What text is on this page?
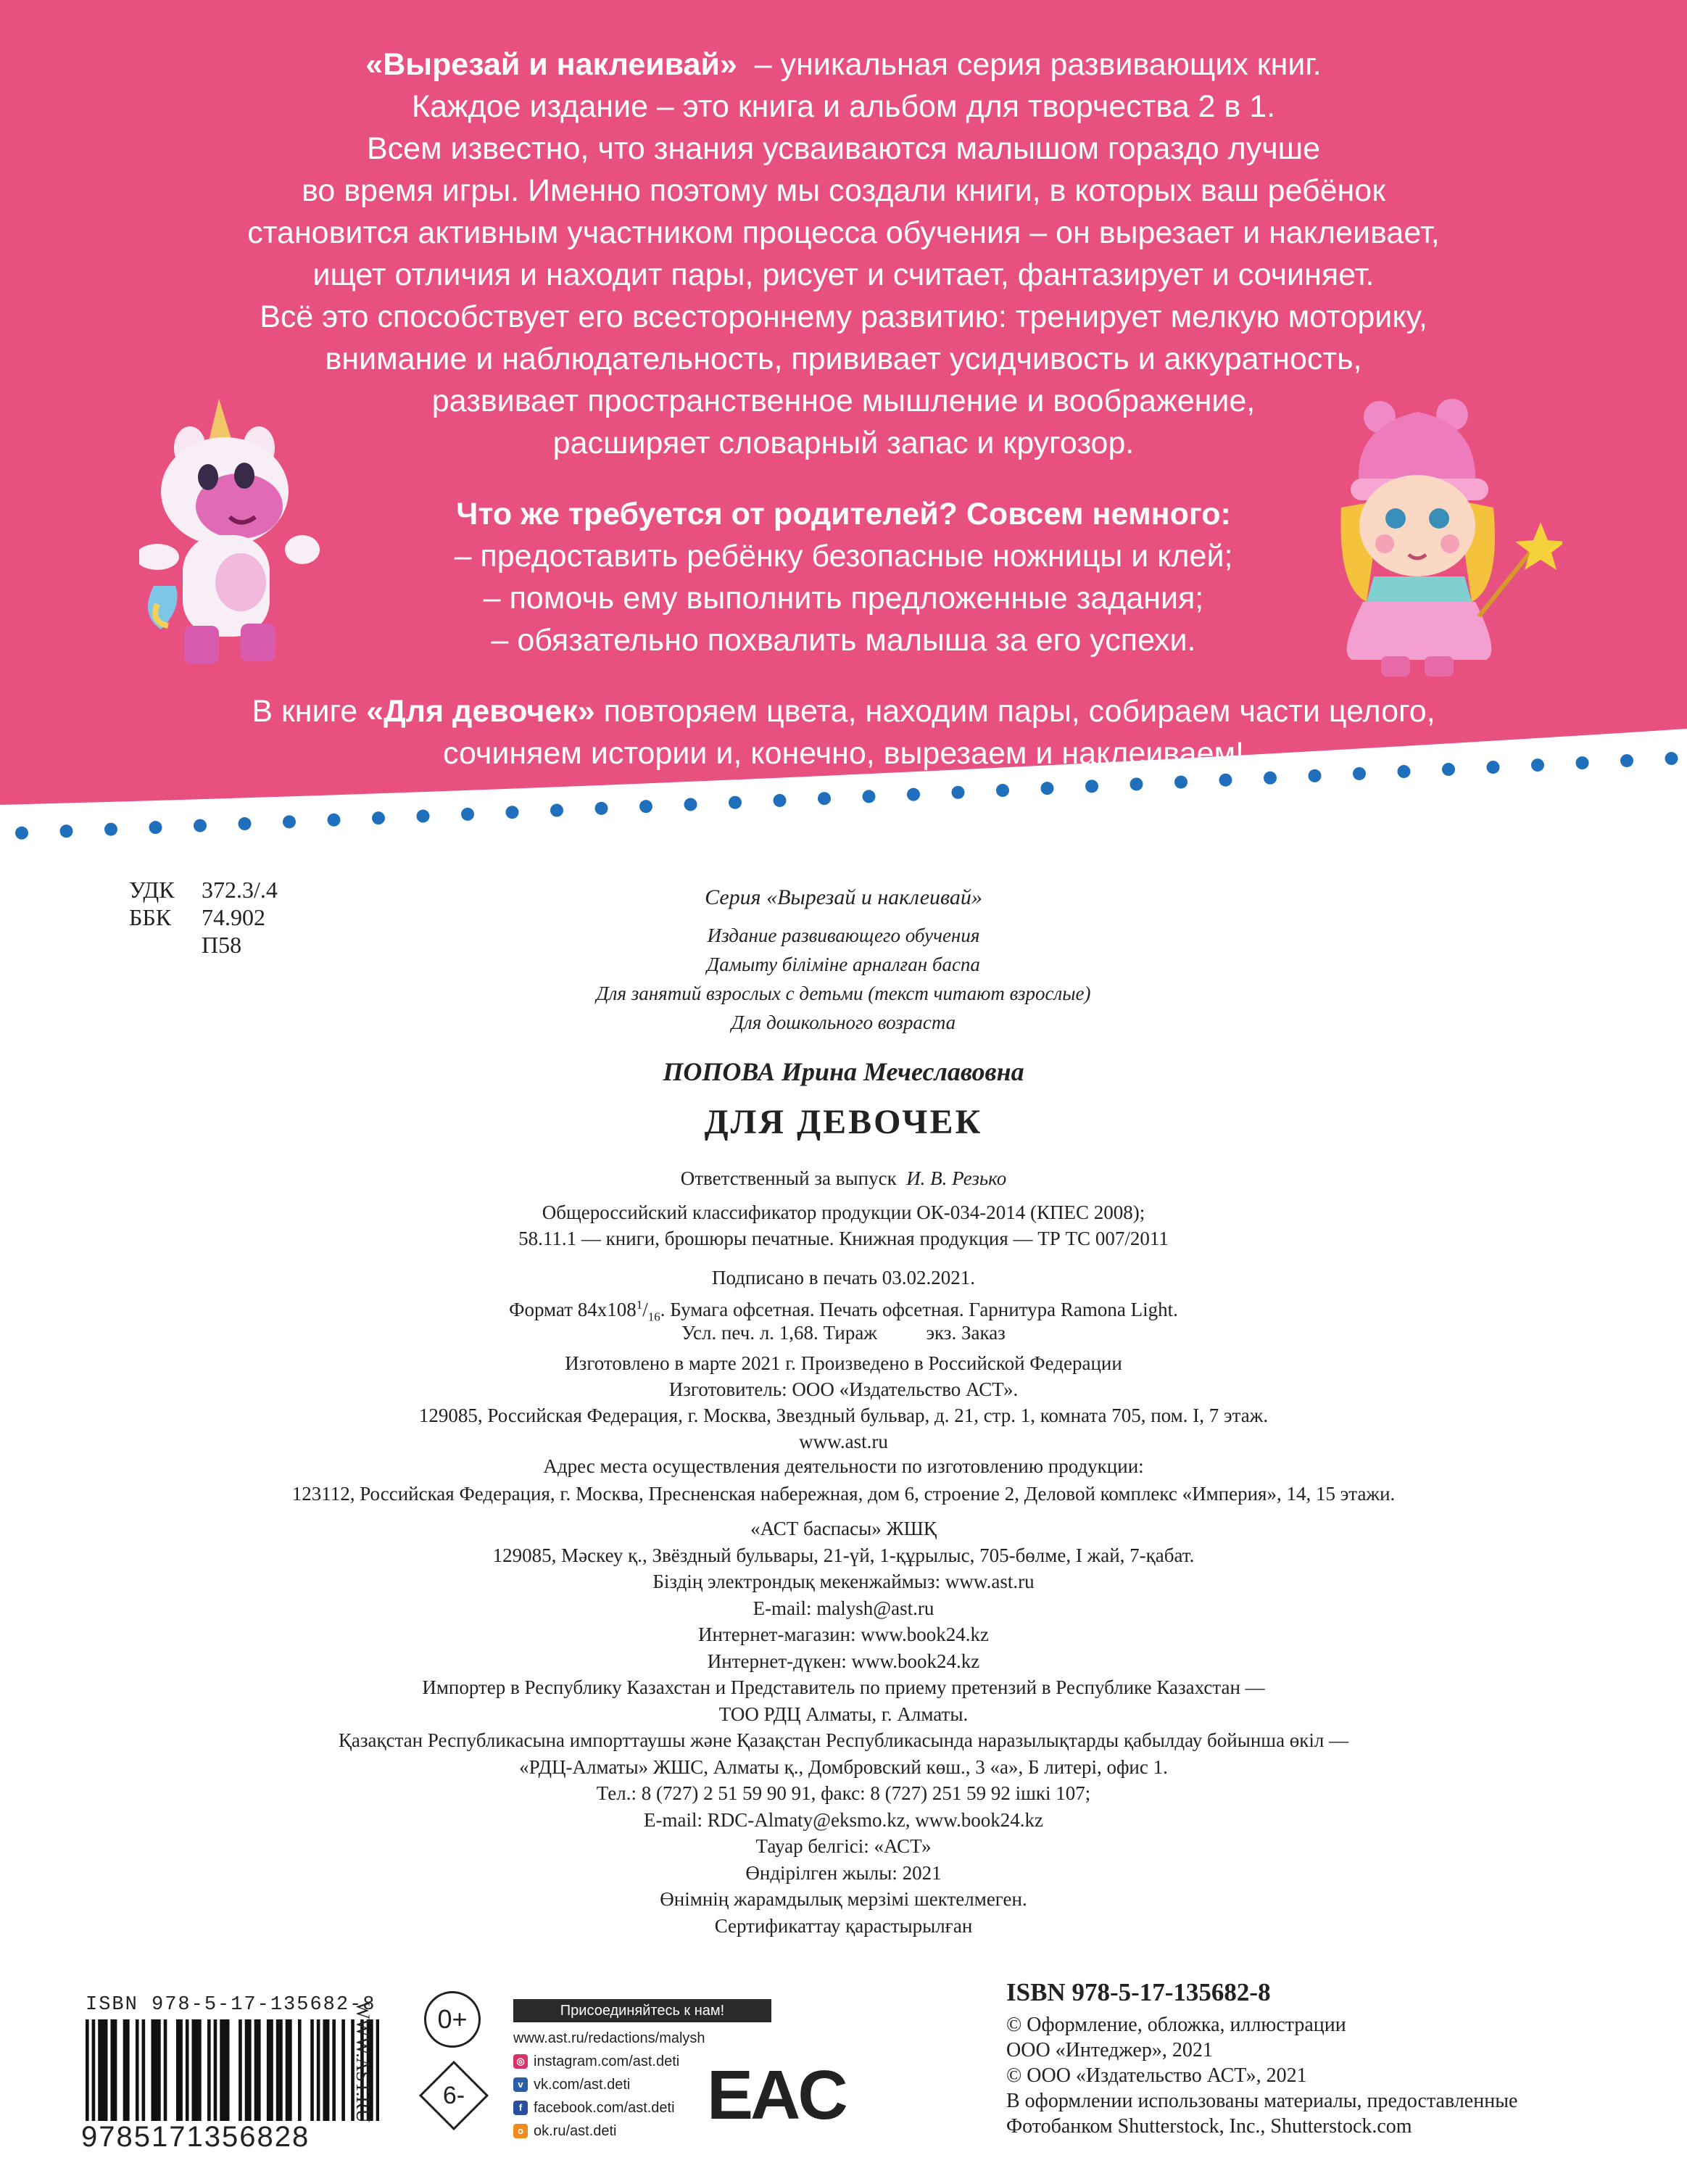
«Вырезай и наклеивай»  – уникальная серия развивающих книг.

Каждое издание – это книга и альбом для творчества 2 в 1.

Всем известно, что знания усваиваются малышом гораздо лучше

во время игры. Именно поэтому мы создали книги, в которых ваш ребёнок

становится активным участником процесса обучения – он вырезает и наклеивает,

ищет отличия и находит пары, рисует и считает, фантазирует и сочиняет.

Всё это способствует его всестороннему развитию: тренирует мелкую моторику,

внимание и наблюдательность, прививает усидчивость и аккуратность,

развивает пространственное мышление и воображение,

расширяет словарный запас и кругозор.

Что же требуется от родителей? Совсем немного:

– предоставить ребёнку безопасные ножницы и клей;

– помочь ему выполнить предложенные задания;

– обязательно похвалить малыша за его успехи.

В книге «Для девочек» повторяем цвета, находим пары, собираем части целого,

сочиняем истории и, конечно, вырезаем и наклеиваем!

УДК 372.3/.4
ББК 74.902
П58
Серия «Вырезай и наклеивай»
Издание развивающего обучения
Дамыту біліміне арналған баспа
Для занятий взрослых с детьми (текст читают взрослые)
Для дошкольного возраста
ПОПОВА Ирина Мечеславовна
ДЛЯ ДЕВОЧЕК
Ответственный за выпуск И. В. Резько
Общероссийский классификатор продукции ОК-034-2014 (КПЕС 2008);
58.11.1 — книги, брошюры печатные. Книжная продукция — ТР ТС 007/2011
Подписано в печать 03.02.2021.
Формат $84х108^1/_{16}$. Бумага офсетная. Печать офсетная. Гарнитура Ramona Light.
Усл. печ. л. 1,68. Тираж          экз. Заказ
Изготовлено в марте 2021 г. Произведено в Российской Федерации
Изготовитель: ООО «Издательство АСТ».
129085, Российская Федерация, г. Москва, Звездный бульвар, д. 21, стр. 1, комната 705, пом. I, 7 этаж.
www.ast.ru
Адрес места осуществления деятельности по изготовлению продукции:
123112, Российская Федерация, г. Москва, Пресненская набережная, дом 6, строение 2, Деловой комплекс «Империя», 14, 15 этажи.
«АСТ баспасы» ЖШҚ
129085, Мәскеу қ., Звёздный бульвары, 21-үй, 1-құрылыс, 705-бөлме, I жай, 7-қабат.
Біздің электрондық мекенжаймыз: www.ast.ru
E-mail: malysh@ast.ru
Интернет-магазин: www.book24.kz
Интернет-дүкен: www.book24.kz
Импортер в Республику Казахстан и Представитель по приему претензий в Республике Казахстан —
ТОО РДЦ Алматы, г. Алматы.
Қазақстан Республикасына импорттаушы және Қазақстан Республикасында наразылықтарды қабылдау бойынша өкіл —
«РДЦ-Алматы» ЖШС, Алматы қ., Домбровский көш., 3 «а», Б литері, офис 1.
Тел.: 8 (727) 2 51 59 90 91, факс: 8 (727) 251 59 92 ішкі 107;
E-mail: RDC-Almaty@eksmo.kz, www.book24.kz
Тауар белгісі: «АСТ»
Өндірілген жылы: 2021
Өнімнің жарамдылық мерзімі шектелмеген.
Сертификаттау қарастырылған
ISBN 978-5-17-135682-8
9785171356828
WWW.AST.RU	0+
6-
Присоединяйтесь к нам!
www.ast.ru/redactions/malysh
◎ instagram.com/ast.deti
v vk.com/ast.deti
f facebook.com/ast.deti
o ok.ru/ast.deti EAC
ISBN 978-5-17-135682-8
© Оформление, обложка, иллюстрации
ООО «Интеджер», 2021
© ООО «Издательство АСТ», 2021
В оформлении использованы материалы, предоставленные
Фотобанком Shutterstock, Inc., Shutterstock.com
